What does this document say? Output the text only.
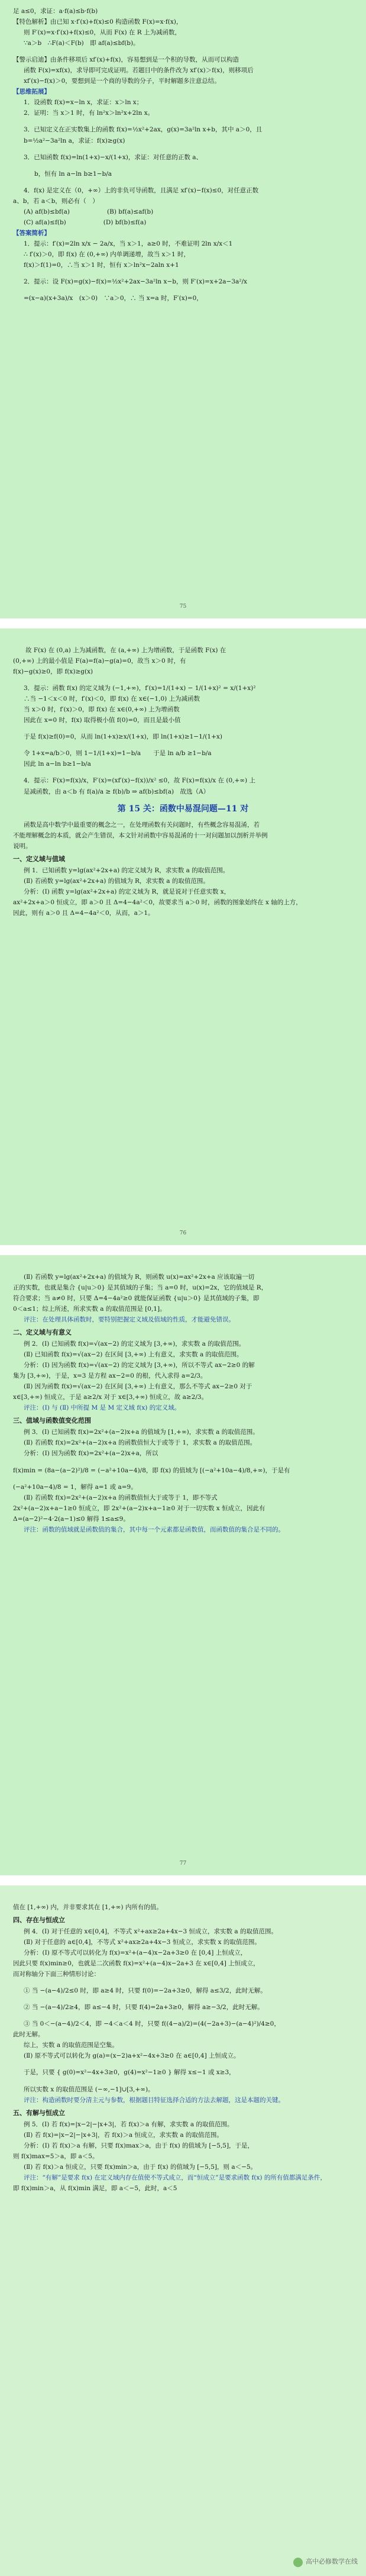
足 a≤0，求证：a·f(a)≤b·f(b)

【特色解析】由已知 x·f′(x)+f(x)≤0 构造函数 F(x)=x·f(x)，

则 F′(x)=x·f′(x)+f(x)≤0，从而 F(x) 在 R 上为减函数，

∵a＞b　∴F(a)＜F(b)　即 af(a)≤bf(b)。

【警示启迪】由条件移项后 xf′(x)+f(x)，容易想到是一个积的导数，从而可以构造

函数 F(x)=xf(x)，求导即可完成证明。若题目中的条件改为 xf′(x)＞f(x)，则移项后

xf′(x)−f(x)＞0，要想到是一个商的导数的分子，平时解题多注意总结。

【思维拓展】

1．设函数 f(x)=x−ln x，求证：x＞ln x；

2．证明：当 x＞1 时，有 ln²x＞ln²x+2ln x。

3．已知定义在正实数集上的函数 f(x)=½x²+2ax，g(x)=3a²ln x+b，其中 a＞0，且

b=½a²−3a²ln a，求证：f(x)≥g(x)

3．已知函数 f(x)=ln(1+x)−x/(1+x)，求证：对任意的正数 a、

b，恒有 ln a−ln b≥1−b/a

4．f(x) 是定义在（0，+∞）上的非负可导函数，且满足 xf′(x)−f(x)≤0，对任意正数

a、b，若 a＜b，则必有（　）

(A) af(b)≤bf(a)　　　　　　(B) bf(a)≤af(b)

(C) af(a)≤f(b)　　　　　　(D) bf(b)≤f(a)

【答案简析】

1．提示：f′(x)=2ln x/x − 2a/x，当 x＞1，a≥0 时，不难证明 2ln x/x＜1

∴ f′(x)＞0，即 f(x) 在 (0,+∞) 内单调递增，故当 x＞1 时，

f(x)＞f(1)=0，∴当 x＞1 时，恒有 x＞ln²x−2aln x+1

2．提示：设 F(x)=g(x)−f(x)=½x²+2ax−3a²ln x−b，则 F′(x)=x+2a−3a²/x

=(x−a)(x+3a)/x　(x＞0)　∵a＞0，∴ 当 x=a 时，F′(x)=0，

75

　　故 F(x) 在 (0,a) 上为减函数，在 (a,+∞) 上为增函数，于是函数 F(x) 在

(0,+∞) 上的最小值是 F(a)=f(a)−g(a)=0，故当 x＞0 时，有

f(x)−g(x)≥0，即 f(x)≥g(x)

3．提示：函数 f(x) 的定义域为 (−1,+∞)，f′(x)=1/(1+x) − 1/(1+x)² = x/(1+x)²

∴当 −1＜x＜0 时，f′(x)＜0，即 f(x) 在 x∈(−1,0) 上为减函数

当 x＞0 时，f′(x)＞0，即 f(x) 在 x∈(0,+∞) 上为增函数

因此在 x=0 时，f(x) 取得极小值 f(0)=0，而且是最小值

于是 f(x)≥f(0)=0，从而 ln(1+x)≥x/(1+x)，即 ln(1+x)≥1−1/(1+x)

令 1+x=a/b＞0，则 1−1/(1+x)=1−b/a　　于是 ln a/b ≥1−b/a

因此 ln a−ln b≥1−b/a

4．提示：F(x)=f(x)/x，F′(x)=(xf′(x)−f(x))/x² ≤0，故 F(x)=f(x)/x 在 (0,+∞) 上

是减函数，由 a＜b 有 f(a)/a ≥ f(b)/b ⇒ af(b)≤bf(a)　故选（A）

第 15 关：函数中易混问题—11 对

函数是高中数学中最重要的概念之一，在处理函数有关问题时，有些概念容易混淆，若

不能理解概念的本质，就会产生错误，本文针对函数中容易混淆的十一对问题加以剖析并举例

说明。

一、定义域与值域

例 1．已知函数 y=lg(ax²+2x+a) 的定义域为 R，求实数 a 的取值范围。

(Ⅱ) 若函数 y=lg(ax²+2x+a) 的值域为 R，求实数 a 的取值范围。

分析：(Ⅰ) 函数 y=lg(ax²+2x+a) 的定义域为 R，就是说对于任意实数 x，

ax²+2x+a＞0 恒成立，即 a＞0 且 Δ=4−4a²＜0，故要求当 a＞0 时，函数的图象始终在 x 轴的上方，

因此，则有 a＞0 且 Δ=4−4a²＜0，从而，a＞1。

76

(Ⅱ) 若函数 y=lg(ax²+2x+a) 的值域为 R，则函数 u(x)=ax²+2x+a 应该取遍一切

正的实数，也就是集合 {u|u＞0} 是其值域的子集；当 a=0 时，u(x)=2x，它的值域是 R，

符合要求；当 a≠0 时，只要 Δ=4−4a²≥0 就能保证函数 {u|u＞0} 是其值域的子集，即

0＜a≤1；综上所述，所求实数 a 的取值范围是 [0,1]。

评注：在处理具体函数时，要特别把握定义域及值域的性质，才能避免错误。

二、定义域与有意义

例 2．(Ⅰ) 已知函数 f(x)=√(ax−2) 的定义域为 [3,+∞)，求实数 a 的取值范围。

(Ⅱ) 已知函数 f(x)=√(ax−2) 在区间 [3,+∞) 上有意义，求实数 a 的取值范围。

分析：(Ⅰ) 因为函数 f(x)=√(ax−2) 的定义域为 [3,+∞)，所以不等式 ax−2≥0 的解

集为 [3,+∞)，于是，x=3 是方程 ax−2=0 的根，代入求得 a=2/3。

(Ⅱ) 因为函数 f(x)=√(ax−2) 在区间 [3,+∞) 上有意义，那么不等式 ax−2≥0 对于

x∈[3,+∞) 恒成立，于是 a≥2/x 对于 x∈[3,+∞) 恒成立，故 a≥2/3。

评注：(Ⅰ) 与 (Ⅱ) 中所提 M 是 M 定义域 f(x) 的定义域。

三、值域与函数值变化范围

例 3．(Ⅰ) 已知函数 f(x)=2x²+(a−2)x+a 的值域为 [1,+∞)，求实数 a 的取值范围。

(Ⅱ) 若函数 f(x)=2x²+(a−2)x+a 的函数值恒大于或等于 1，求实数 a 的取值范围。

分析：(Ⅰ) 因为函数 f(x)=2x²+(a−2)x+a，所以

f(x)min = (8a−(a−2)²)/8 = (−a²+10a−4)/8，即 f(x) 的值域为 [(−a²+10a−4)/8,+∞)，于是有

(−a²+10a−4)/8 = 1，解得 a=1 或 a=9。

(Ⅱ) 若函数 f(x)=2x²+(a−2)x+a 的函数值恒大于或等于 1，即不等式

2x²+(a−2)x+a−1≥0 恒成立，即 2x²+(a−2)x+a−1≥0 对于一切实数 x 恒成立，因此有

Δ=(a−2)²−4·2(a−1)≤0 解得 1≤a≤9。

评注：函数的值域就是函数值的集合，其中每一个元素都是函数值，而函数值的集合是不同的。

77

值在 [1,+∞) 内，并非要求其在 [1,+∞) 内所有的值。

四、存在与恒成立

例 4．(Ⅰ) 对于任意的 x∈[0,4]，不等式 x²+ax≥2a+4x−3 恒成立，求实数 a 的取值范围。

(Ⅱ) 对于任意的 a∈[0,4]，不等式 x²+ax≥2a+4x−3 恒成立，求实数 x 的取值范围。

分析：(Ⅰ) 原不等式可以转化为 f(x)=x²+(a−4)x−2a+3≥0 在 [0,4] 上恒成立，

因此只要 f(x)min≥0，也就是二次函数 f(x)=x²+(a−4)x−2a+3 在 x∈[0,4] 上恒成立，

而对称轴分下面三种情形讨论：

① 当 −(a−4)/2≤0 时，即 a≥4 时，只要 f(0)=−2a+3≥0，解得 a≤3/2，此时无解。

② 当 −(a−4)/2≥4，即 a≤−4 时，只要 f(4)=2a+3≥0，解得 a≥−3/2，此时无解。

③ 当 0＜−(a−4)/2＜4，即 −4＜a＜4 时，只要 f((4−a)/2)=(4(−2a+3)−(a−4)²)/4≥0，

此时无解。

综上，实数 a 的取值范围是空集。

(Ⅱ) 原不等式可以转化为 g(a)=(x−2)a+x²−4x+3≥0 在 a∈[0,4] 上恒成立。

于是，只要 { g(0)=x²−4x+3≥0，g(4)=x²−1≥0 } 解得 x≤−1 或 x≥3，

所以实数 x 的取值范围是 (−∞,−1]∪[3,+∞)。

评注：构造函数时要分清主元与参数，根据题目特征选择合适的方法去解题，这是本题的关键。

五、有解与恒成立

例 5．(Ⅰ) 若 f(x)=|x−2|−|x+3|，若 f(x)＞a 有解，求实数 a 的取值范围。

(Ⅱ) 若 f(x)=|x−2|−|x+3|，若 f(x)＞a 恒成立，求实数 a 的取值范围。

分析：(Ⅰ) 若 f(x)＞a 有解，只要 f(x)max＞a，由于 f(x) 的值域为 [−5,5]，于是，

则 f(x)max=5＞a，即 a＜5。

(Ⅱ) 若 f(x)＞a 恒成立，只要 f(x)min＞a，由于 f(x) 的值域为 [−5,5]，则 a＜−5。

评注：“有解”是要求 f(x) 在定义域内存在值使不等式成立，而“恒成立”是要求函数 f(x) 的所有值都满足条件，

即 f(x)min＞a，从 f(x)min 满足，即 a＜−5，此时，a＜5

高中必修数学在线
